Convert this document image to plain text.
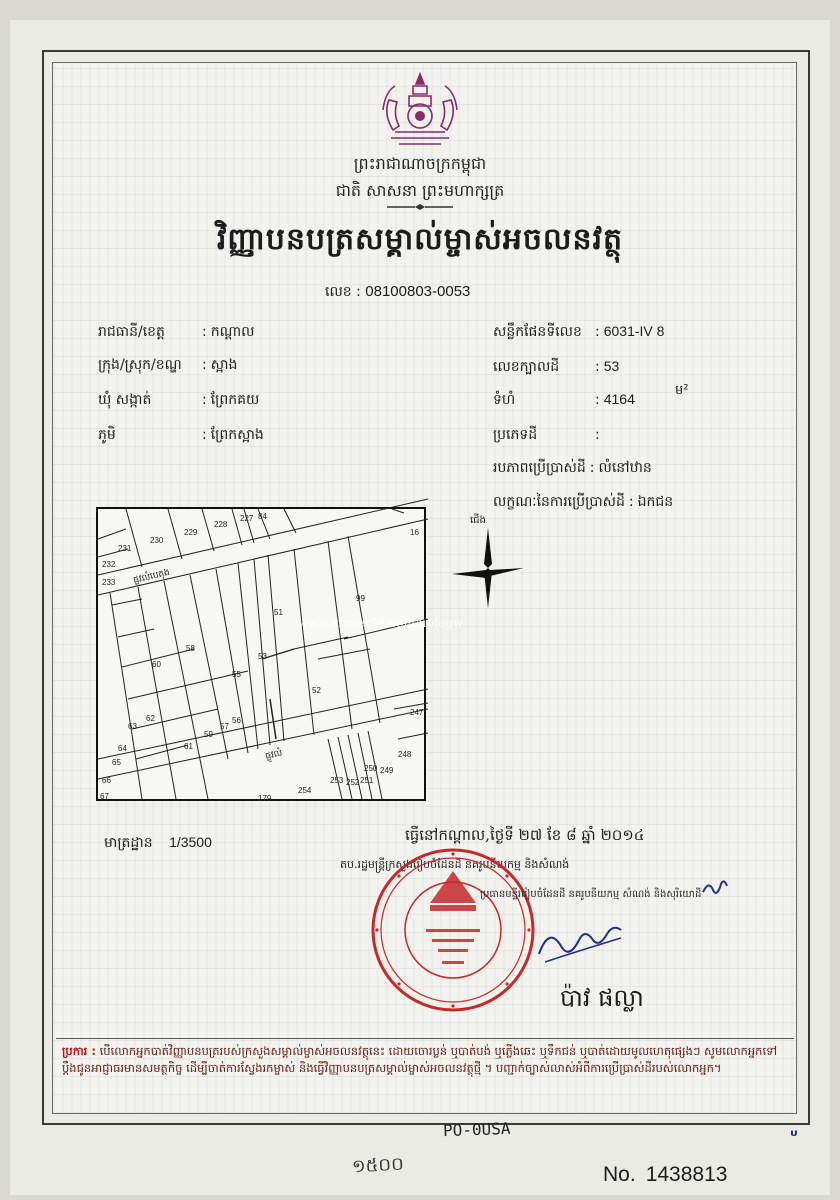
ព្រះរាជាណាចក្រកម្ពុជា
ជាតិ សាសនា ព្រះមហាក្សត្រ
វិញ្ញាបនបត្រសម្គាល់ម្ចាស់អចលនវត្ថុ
លេខ : 08100803-0053
រាជធានី/ខេត្ត	: កណ្ដាល
ក្រុង/ស្រុក/ខណ្ឌ : ស្អាង
ឃុំ សង្កាត់	: ព្រែកគយ
ភូមិ	: ព្រែកស្អាង
សន្លឹកផែនទីលេខ : 6031-IV 8
លេខក្បាលដី	: 53
ទំហំ	: 4164
ម²
ប្រភេទដី	:
របភាពប្រើប្រាស់ដី : លំនៅឋាន
លក្ខណៈនៃការប្រើប្រាស់ដី : ឯកជន
ផ្លូវលំបេតុង
ផ្លូវលំ
www.khmer24.com/ublagw
231
230
229
228
227 84
16
232
233
99
51
58
60
53
55
52
247
63
62
57
56
59
61
64
65
66
67
248
249
250
251
252
253
254
179
ជើង
មាត្រដ្ឋាន 1/3500	ធ្វើនៅកណ្ដាល,ថ្ងៃទី ២៧ ខែ ៨ ឆ្នាំ ២០១៤
តប.រដ្ឋមន្ត្រីក្រសួងរៀបចំដែនដី នគរូបនីយកម្ម និងសំណង់
ប្រធានមន្ទីររៀបចំដែនដី នគរូបនីយកម្ម សំណង់ និងសុរិយោដី
ប៉ាវ ផល្លា
ប្រការ : បើលោកអ្នកបាត់វិញ្ញាបនបត្ររបស់ក្រសួងសម្គាល់ម្ចាស់អចលនវត្ថុនេះ ដោយចោរប្លន់ ឬបាត់បង់ ឬភ្លើងឆេះ ឬទឹកជន់ ឬបាត់ដោយមូលហេតុផ្សេងៗ សូមលោកអ្នកទៅប្ដឹងជូនអាជ្ញាធរមានសមត្ថកិច្ច ដើម្បីចាត់ការស្វែងរកម្ចាស់ និងធ្វើវិញ្ញាបនបត្រសម្គាល់ម្ចាស់អចលនវត្ថុថ្មី ។ បញ្ជាក់ច្បាស់លាស់អំពីការប្រើប្រាស់ដីរបស់លោកអ្នក។
PO-0USA	ᶸ
១៥០០	No. 1438813
